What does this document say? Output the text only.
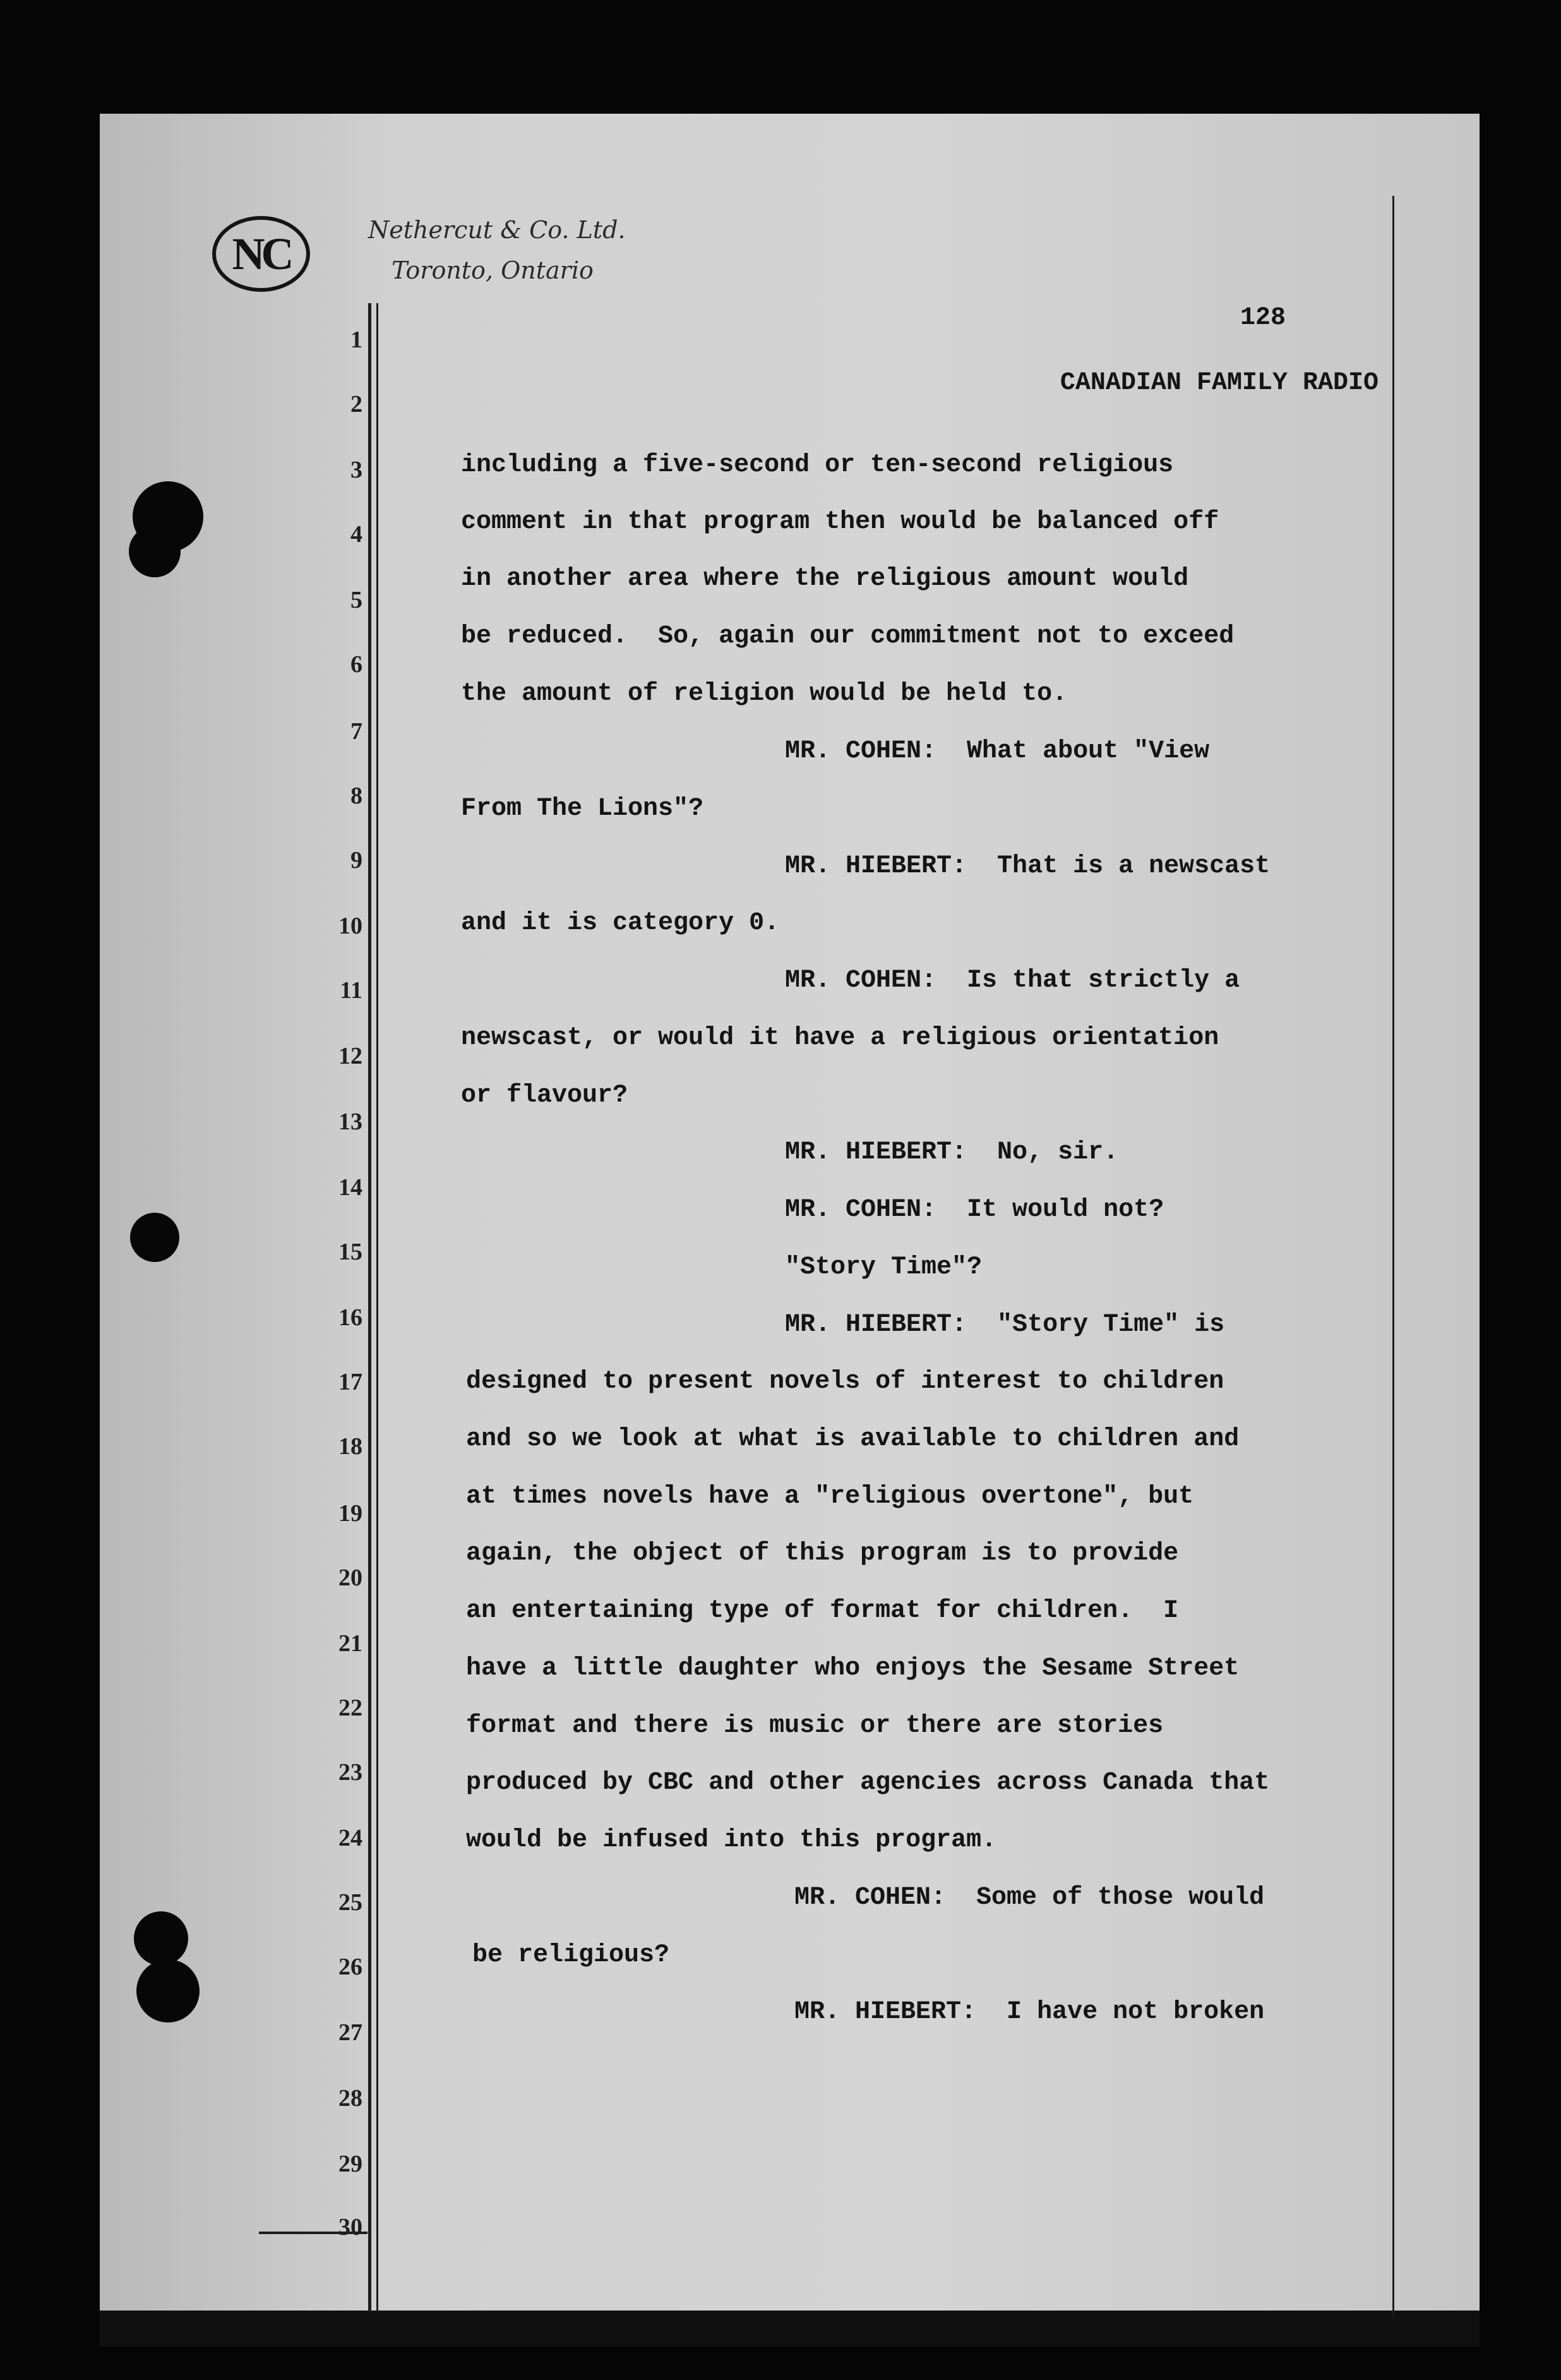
NC	Nethercut & Co. Ltd.
Toronto, Ontario
1
2
3
4
5
6
7
8
9
10
11
12
13
14
15
16
17
18
19
20
21
22
23
24
25
26
27
28
29
30
128
CANADIAN FAMILY RADIO
including a five-second or ten-second religious
comment in that program then would be balanced off
in another area where the religious amount would
be reduced.  So, again our commitment not to exceed
the amount of religion would be held to.
MR. COHEN:  What about "View
From The Lions"?
MR. HIEBERT:  That is a newscast
and it is category 0.
MR. COHEN:  Is that strictly a
newscast, or would it have a religious orientation
or flavour?
MR. HIEBERT:  No, sir.
MR. COHEN:  It would not?
"Story Time"?
MR. HIEBERT:  "Story Time" is
designed to present novels of interest to children
and so we look at what is available to children and
at times novels have a "religious overtone", but
again, the object of this program is to provide
an entertaining type of format for children.  I
have a little daughter who enjoys the Sesame Street
format and there is music or there are stories
produced by CBC and other agencies across Canada that
would be infused into this program.
MR. COHEN:  Some of those would
be religious?
MR. HIEBERT:  I have not broken
